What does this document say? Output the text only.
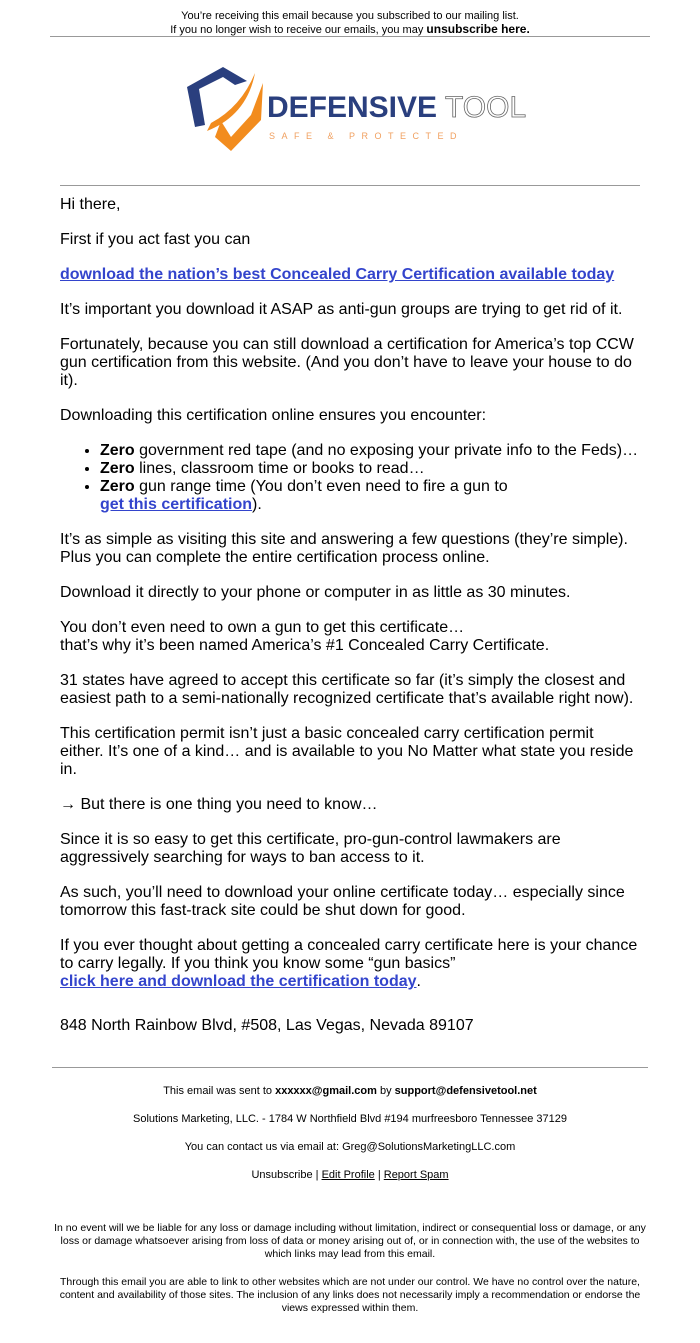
You’re receiving this email because you subscribed to our mailing list.
If you no longer wish to receive our emails, you may unsubscribe here.
DEFENSIVE TOOL
SAFE & PROTECTED

Hi there,

First if you act fast you can

download the nation’s best Concealed Carry Certification available today

It’s important you download it ASAP as anti-gun groups are trying to get rid of it.

Fortunately, because you can still download a certification for America’s top CCW gun certification from this website. (And you don’t have to leave your house to do it).

Downloading this certification online ensures you encounter:

• Zero government red tape (and no exposing your private info to the Feds)…
• Zero lines, classroom time or books to read…
• Zero gun range time (You don’t even need to fire a gun to
get this certification).

It’s as simple as visiting this site and answering a few questions (they’re simple). Plus you can complete the entire certification process online.

Download it directly to your phone or computer in as little as 30 minutes.

You don’t even need to own a gun to get this certificate…
that’s why it’s been named America’s #1 Concealed Carry Certificate.

31 states have agreed to accept this certificate so far (it’s simply the closest and easiest path to a semi-nationally recognized certificate that’s available right now).

This certification permit isn’t just a basic concealed carry certification permit either. It’s one of a kind… and is available to you No Matter what state you reside in.

→ But there is one thing you need to know…

Since it is so easy to get this certificate, pro-gun-control lawmakers are aggressively searching for ways to ban access to it.

As such, you’ll need to download your online certificate today… especially since tomorrow this fast-track site could be shut down for good.

If you ever thought about getting a concealed carry certificate here is your chance to carry legally. If you think you know some “gun basics”
click here and download the certification today.

848 North Rainbow Blvd, #508, Las Vegas, Nevada 89107

This email was sent to xxxxxx@gmail.com by support@defensivetool.net

Solutions Marketing, LLC. - 1784 W Northfield Blvd #194 murfreesboro Tennessee 37129

You can contact us via email at: Greg@SolutionsMarketingLLC.com

Unsubscribe | Edit Profile | Report Spam

In no event will we be liable for any loss or damage including without limitation, indirect or consequential loss or damage, or any loss or damage whatsoever arising from loss of data or money arising out of, or in connection with, the use of the websites to which links may lead from this email.

Through this email you are able to link to other websites which are not under our control. We have no control over the nature, content and availability of those sites. The inclusion of any links does not necessarily imply a recommendation or endorse the views expressed within them.
